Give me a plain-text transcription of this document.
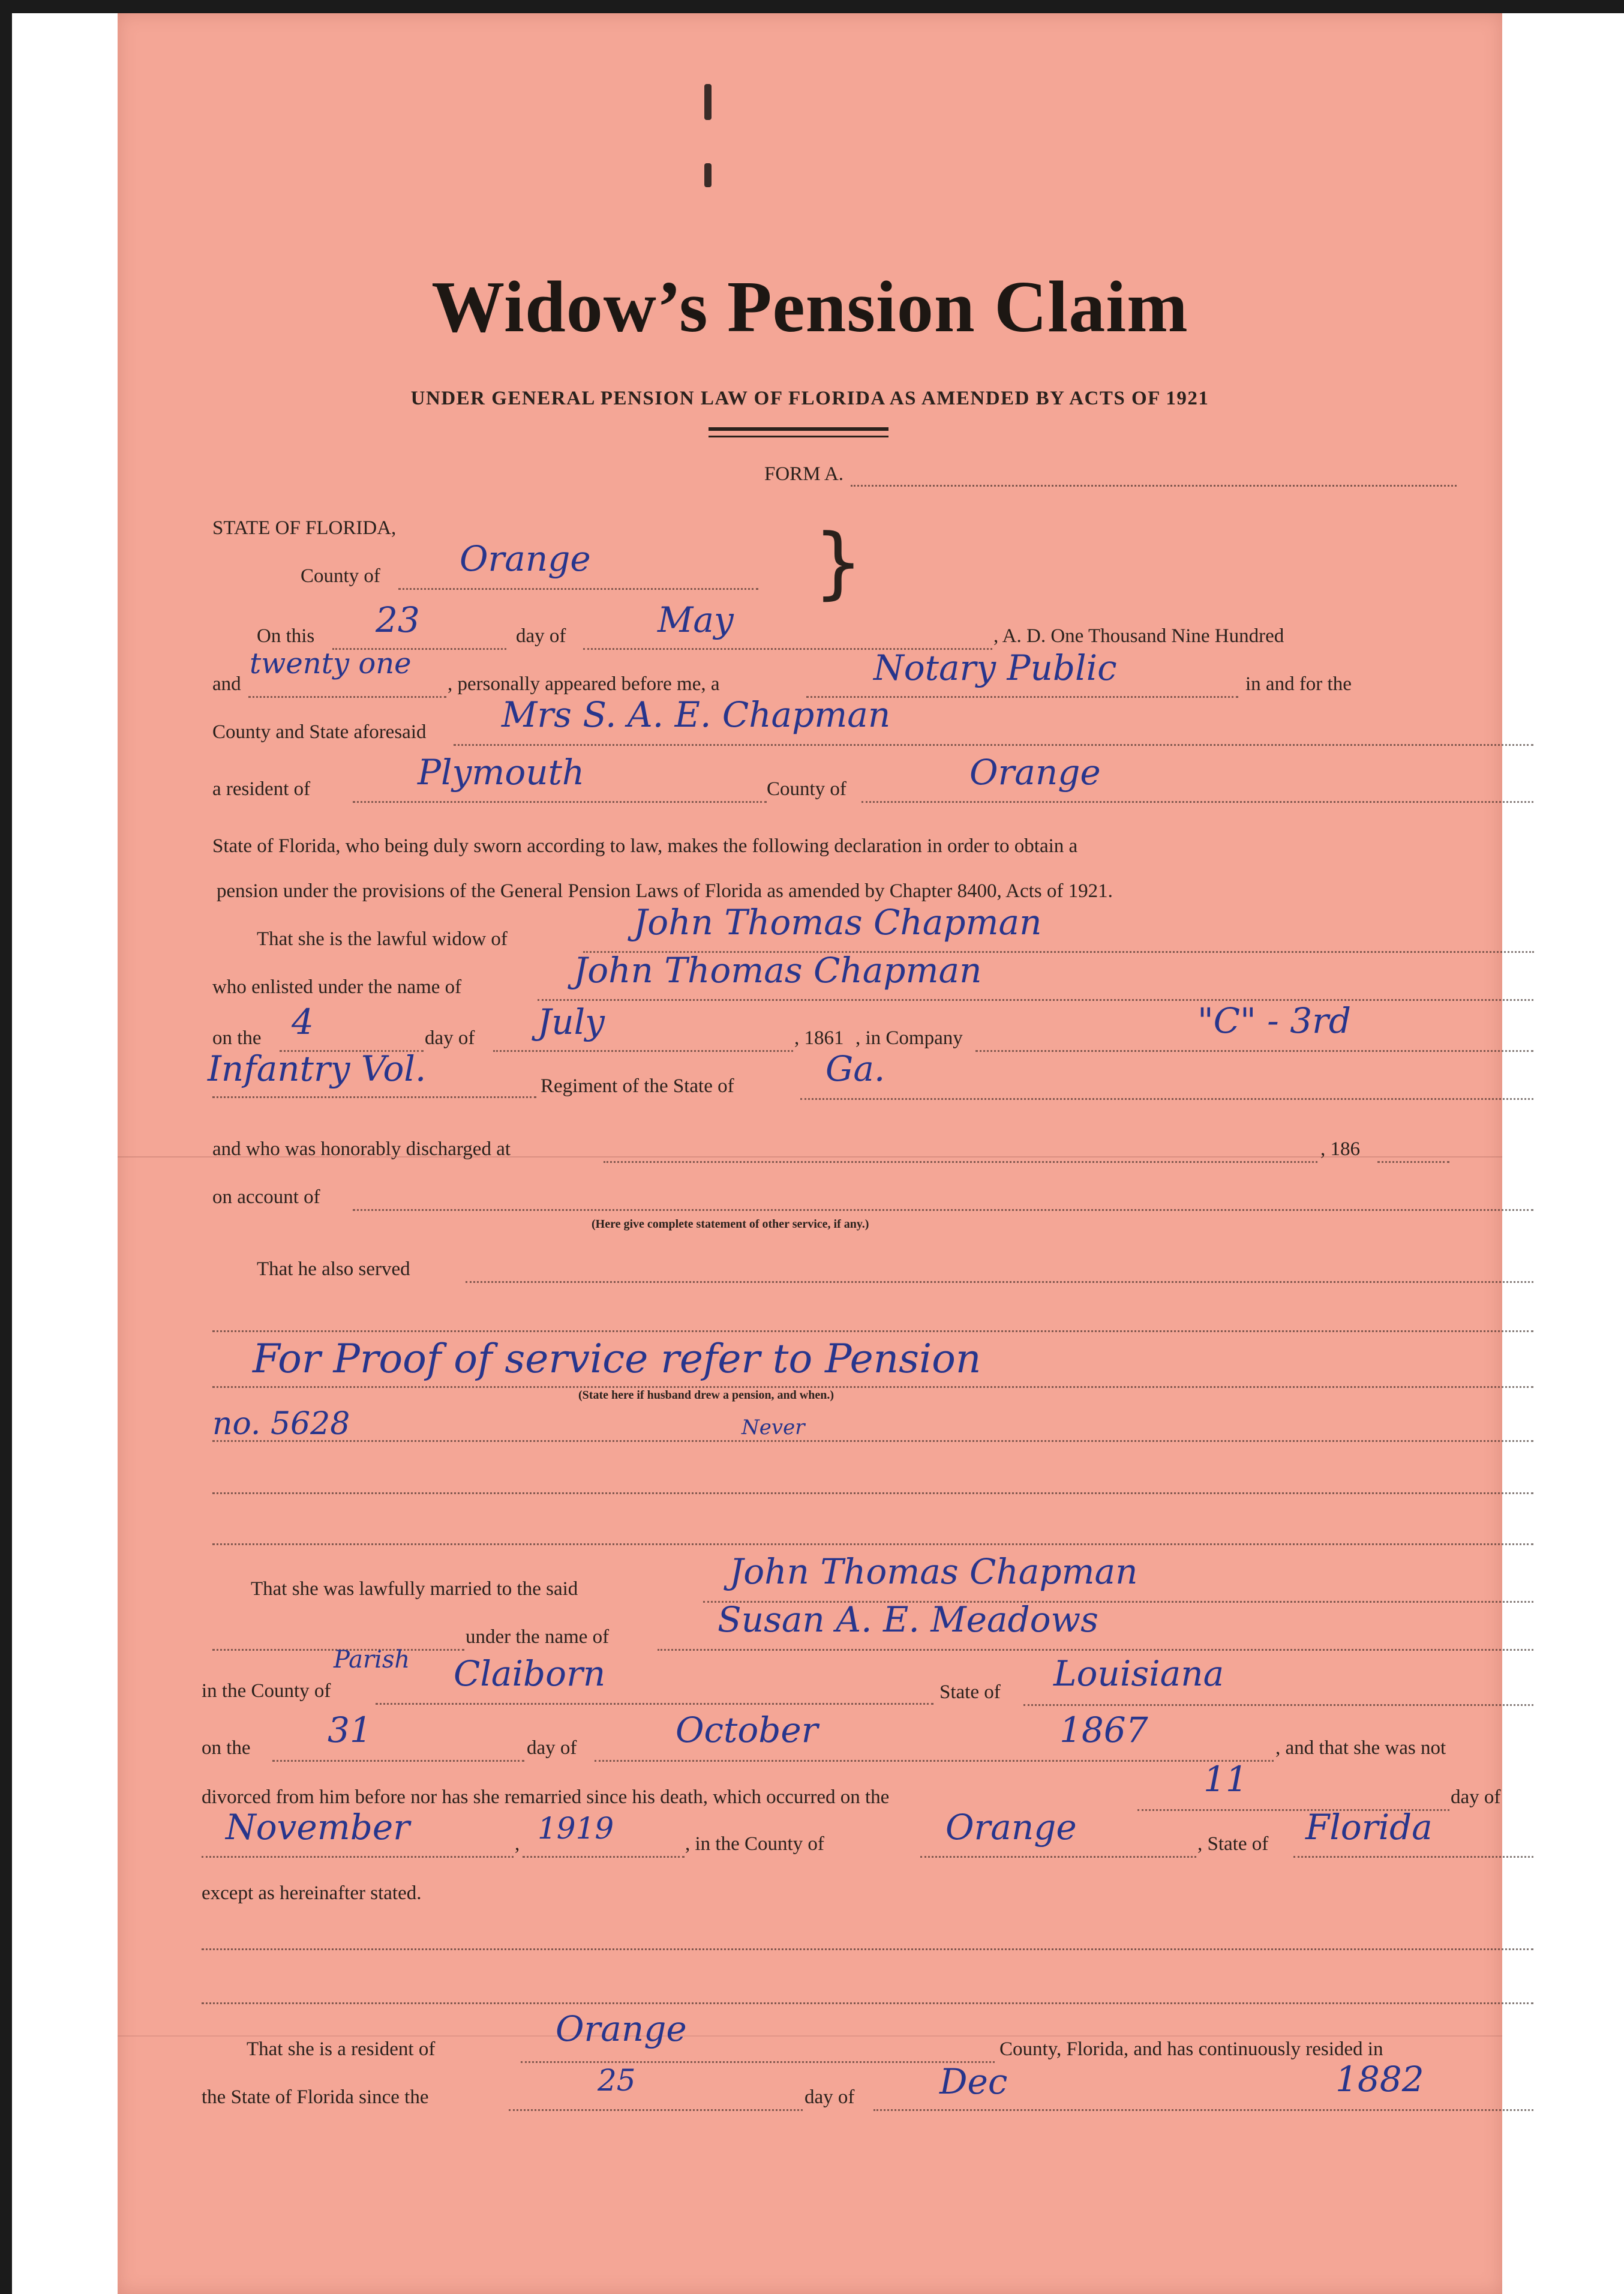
Widow’s Pension Claim
UNDER GENERAL PENSION LAW OF FLORIDA AS AMENDED BY ACTS OF 1921
FORM A.
STATE OF FLORIDA,
County of Orange	}
On this 23	day of	May	, A. D. One Thousand Nine Hundred
and
twenty one
, personally appeared before me, a	Notary Public	in and for the
County and State aforesaid Mrs S. A. E. Chapman
a resident of	Plymouth	County of	Orange
State of Florida, who being duly sworn according to law, makes the following declaration in order to obtain a
pension under the provisions of the General Pension Laws of Florida as amended by Chapter 8400, Acts of 1921.
That she is the lawful widow of	John Thomas Chapman
who enlisted under the name of	John Thomas Chapman
on the 4	day of July	, 1861 , in Company	"C" - 3rd
Infantry Vol.	Regiment of the State of	Ga.
and who was honorably discharged at	, 186
on account of
(Here give complete statement of other service, if any.)
That he also served
For Proof of service refer to Pension
(State here if husband drew a pension, and when.)
no. 5628	Never
That she was lawfully married to the said	John Thomas Chapman
under the name of	Susan A. E. Meadows
Parish
in the County of	Claiborn	State of Louisiana
on the 31	day of	October	1867	, and that she was not
divorced from him before nor has she remarried since his death, which occurred on the	11	day of
November	, 1919	, in the County of	Orange	, State of Florida
except as hereinafter stated.
That she is a resident of	Orange	County, Florida, and has continuously resided in
the State of Florida since the	25	day of Dec	1882
